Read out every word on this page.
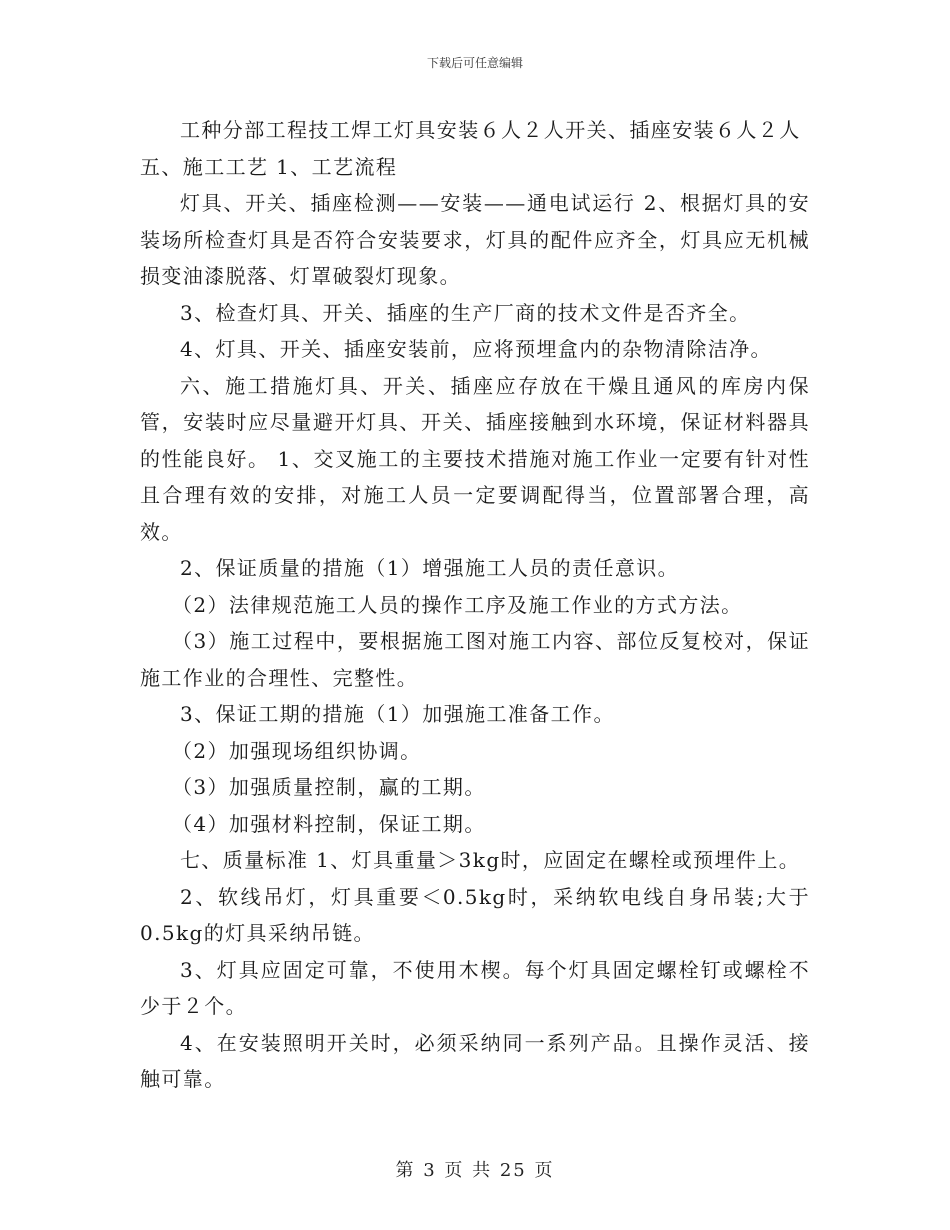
下载后可任意编辑

工种分部工程技工焊工灯具安装６人２人开关、插座安装６人２人

五、施工工艺 1、工艺流程

灯具、开关、插座检测——安装——通电试运行 2、根据灯具的安装场所检查灯具是否符合安装要求，灯具的配件应齐全，灯具应无机械损变油漆脱落、灯罩破裂灯现象。

3、检查灯具、开关、插座的生产厂商的技术文件是否齐全。

4、灯具、开关、插座安装前，应将预埋盒内的杂物清除洁净。

六、施工措施灯具、开关、插座应存放在干燥且通风的库房内保管，安装时应尽量避开灯具、开关、插座接触到水环境，保证材料器具的性能良好。 1、交叉施工的主要技术措施对施工作业一定要有针对性且合理有效的安排，对施工人员一定要调配得当，位置部署合理，高效。

2、保证质量的措施（1）增强施工人员的责任意识。

（2）法律规范施工人员的操作工序及施工作业的方式方法。

（3）施工过程中，要根据施工图对施工内容、部位反复校对，保证施工作业的合理性、完整性。

3、保证工期的措施（1）加强施工准备工作。

（2）加强现场组织协调。

（3）加强质量控制，赢的工期。

（4）加强材料控制，保证工期。

七、质量标准 1、灯具重量＞3kg时，应固定在螺栓或预埋件上。

2、软线吊灯，灯具重要＜0.5kg时，采纳软电线自身吊装;大于0.5kg的灯具采纳吊链。

3、灯具应固定可靠，不使用木楔。每个灯具固定螺栓钉或螺栓不少于２个。

4、在安装照明开关时，必须采纳同一系列产品。且操作灵活、接触可靠。

第 3 页 共 25 页
